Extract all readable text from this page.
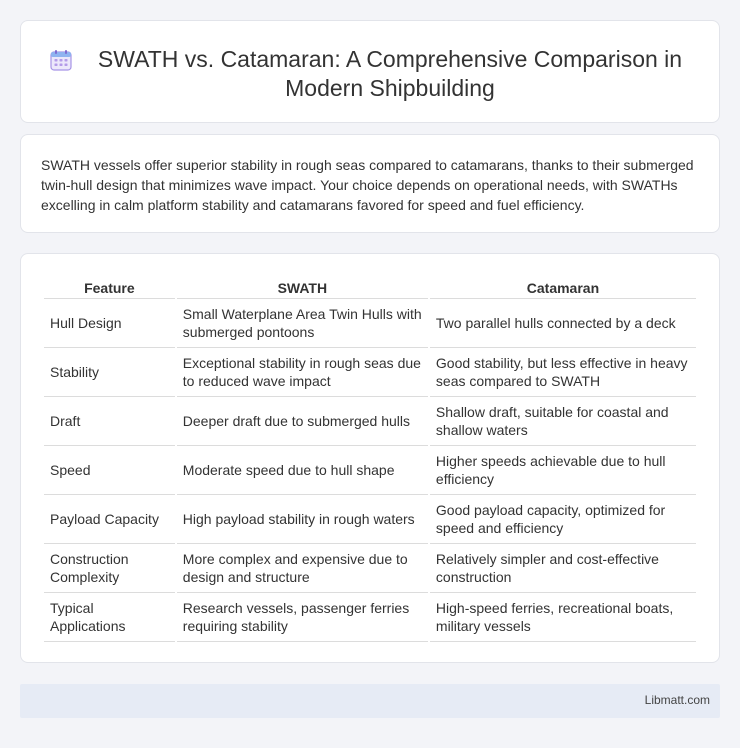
SWATH vs. Catamaran: A Comprehensive Comparison in Modern Shipbuilding

SWATH vessels offer superior stability in rough seas compared to catamarans, thanks to their submerged twin-hull design that minimizes wave impact. Your choice depends on operational needs, with SWATHs excelling in calm platform stability and catamarans favored for speed and fuel efficiency.

Feature	SWATH	Catamaran
Hull Design	Small Waterplane Area Twin Hulls with submerged pontoons	Two parallel hulls connected by a deck
Stability	Exceptional stability in rough seas due to reduced wave impact	Good stability, but less effective in heavy seas compared to SWATH
Draft	Deeper draft due to submerged hulls	Shallow draft, suitable for coastal and shallow waters
Speed	Moderate speed due to hull shape	Higher speeds achievable due to hull efficiency
Payload Capacity	High payload stability in rough waters	Good payload capacity, optimized for speed and efficiency
Construction Complexity	More complex and expensive due to design and structure	Relatively simpler and cost-effective construction
Typical Applications	Research vessels, passenger ferries requiring stability	High-speed ferries, recreational boats, military vessels
Libmatt.com
